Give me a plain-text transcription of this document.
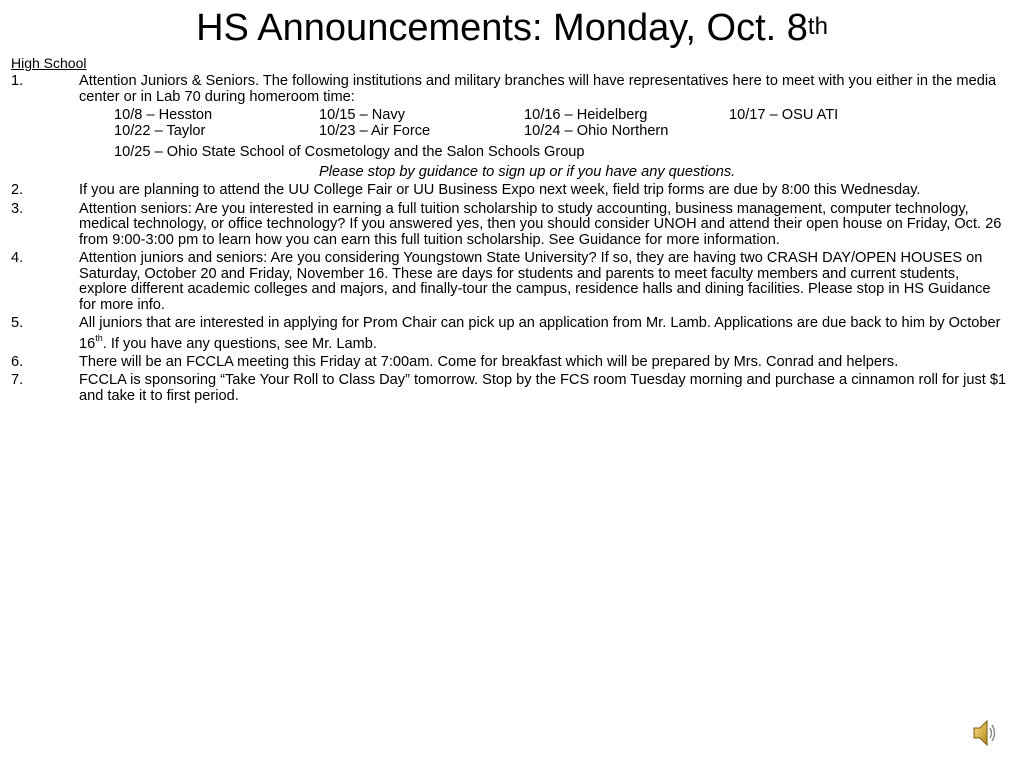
HS Announcements: Monday, Oct. 8th
High School
1.	Attention Juniors & Seniors. The following institutions and military branches will have representatives here to meet with you either in the media center or in Lab 70 during homeroom time:
10/8 – Hesston	10/15 – Navy	10/16 – Heidelberg	10/17 – OSU ATI
10/22 – Taylor	10/23 – Air Force	10/24 – Ohio Northern
10/25 – Ohio State School of Cosmetology and the Salon Schools Group
Please stop by guidance to sign up or if you have any questions.
2.	If you are planning to attend the UU College Fair or UU Business Expo next week, field trip forms are due by 8:00 this Wednesday.
3.	Attention seniors: Are you interested in earning a full tuition scholarship to study accounting, business management, computer technology, medical technology, or office technology? If you answered yes, then you should consider UNOH and attend their open house on Friday, Oct. 26 from 9:00-3:00 pm to learn how you can earn this full tuition scholarship. See Guidance for more information.
4.	Attention juniors and seniors: Are you considering Youngstown State University? If so, they are having two CRASH DAY/OPEN HOUSES on Saturday, October 20 and Friday, November 16. These are days for students and parents to meet faculty members and current students, explore different academic colleges and majors, and finally-tour the campus, residence halls and dining facilities. Please stop in HS Guidance for more info.
5.	All juniors that are interested in applying for Prom Chair can pick up an application from Mr. Lamb. Applications are due back to him by October 16th. If you have any questions, see Mr. Lamb.
6.	There will be an FCCLA meeting this Friday at 7:00am. Come for breakfast which will be prepared by Mrs. Conrad and helpers.
7.	FCCLA is sponsoring “Take Your Roll to Class Day” tomorrow. Stop by the FCS room Tuesday morning and purchase a cinnamon roll for just $1 and take it to first period.
